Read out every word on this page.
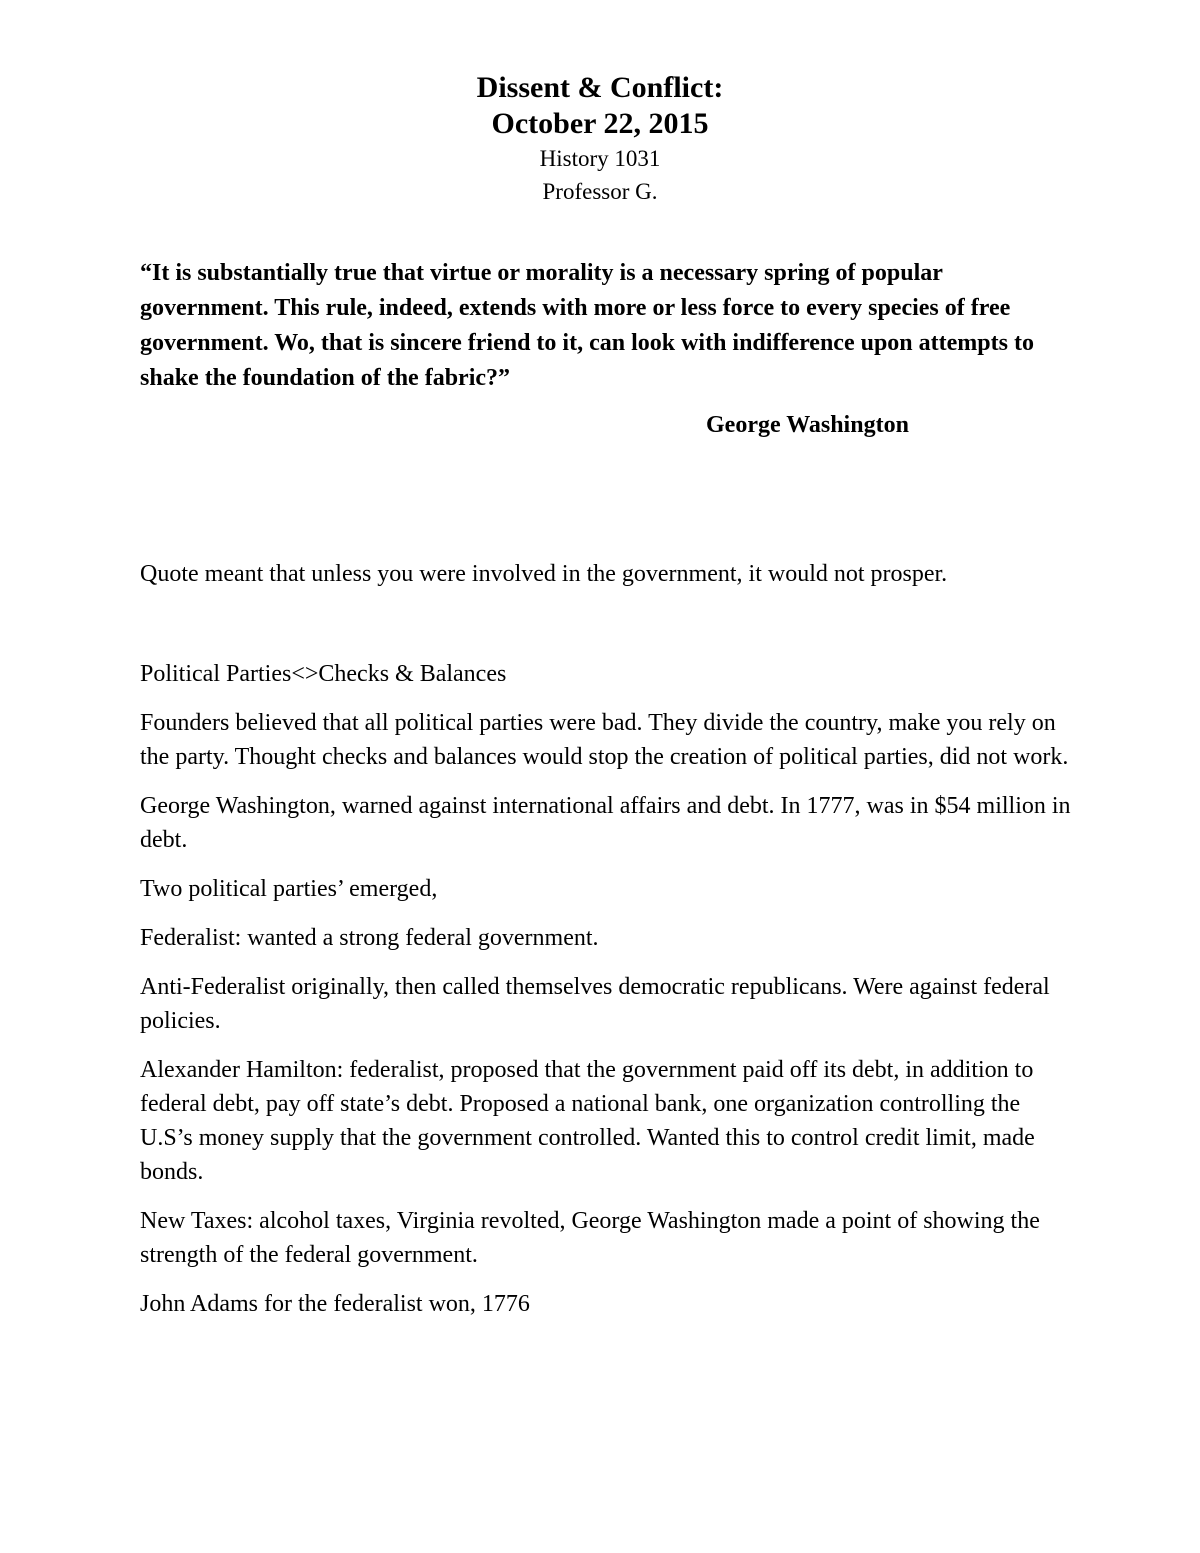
Dissent & Conflict:
October 22, 2015
History 1031
Professor G.

“It is substantially true that virtue or morality is a necessary spring of popular government. This rule, indeed, extends with more or less force to every species of free government. Wo, that is sincere friend to it, can look with indifference upon attempts to shake the foundation of the fabric?”

George Washington

Quote meant that unless you were involved in the government, it would not prosper.

Political Parties<>Checks & Balances

Founders believed that all political parties were bad. They divide the country, make you rely on the party. Thought checks and balances would stop the creation of political parties, did not work.

George Washington, warned against international affairs and debt. In 1777, was in $54 million in debt.

Two political parties’ emerged,

Federalist: wanted a strong federal government.

Anti-Federalist originally, then called themselves democratic republicans. Were against federal policies.

Alexander Hamilton: federalist, proposed that the government paid off its debt, in addition to federal debt, pay off state’s debt. Proposed a national bank, one organization controlling the U.S’s money supply that the government controlled. Wanted this to control credit limit, made bonds.

New Taxes: alcohol taxes, Virginia revolted, George Washington made a point of showing the strength of the federal government.

John Adams for the federalist won, 1776
